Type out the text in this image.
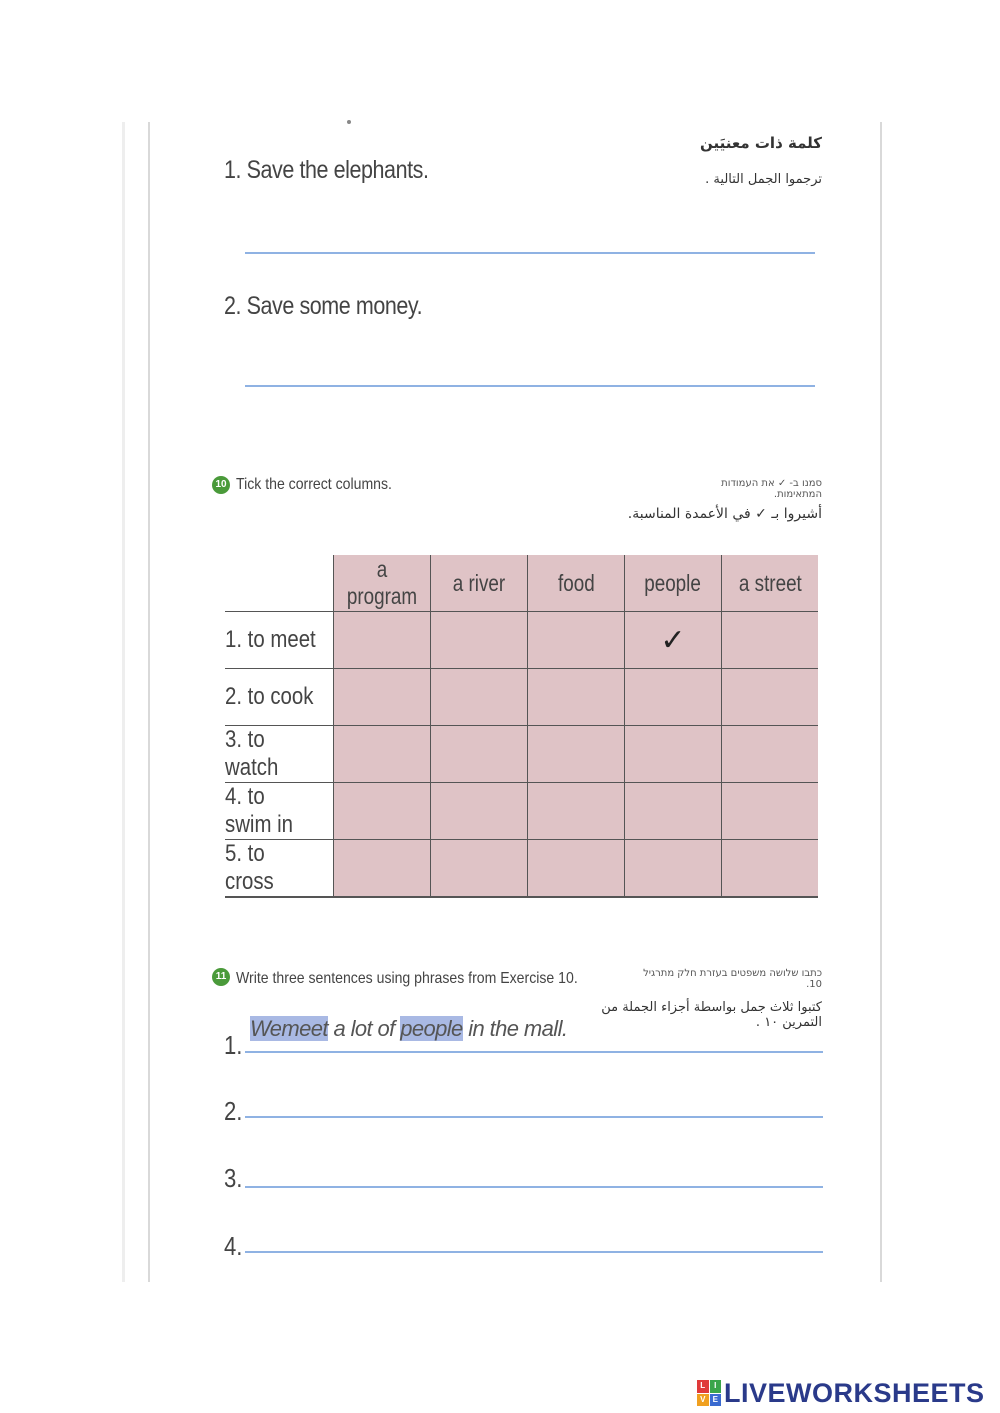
كلمة ذات معنيَين
ترجموا الجمل التالية .
1. Save the elephants.
2. Save some money.
10 Tick the correct columns.	סמנו ב- ✓ את העמודות המתאימות.
أشيروا بـ ✓ في الأعمدة المناسبة.
	a program	a river	food	people	a street
1. to meet				✓	
2. to cook					
3. to watch					
4. to swim in					
5. to cross					
11 Write three sentences using phrases from Exercise 10.	כתבו שלושה משפטים בעזרת חלק מתרגיל 10.
كتبوا ثلاث جمل بواسطة أجزاء الجملة من التمرين ١٠ .
1.
Wemeet a lot of people in the mall.
2.
3.
4.
L	I
V E LIVEWORKSHEETS
